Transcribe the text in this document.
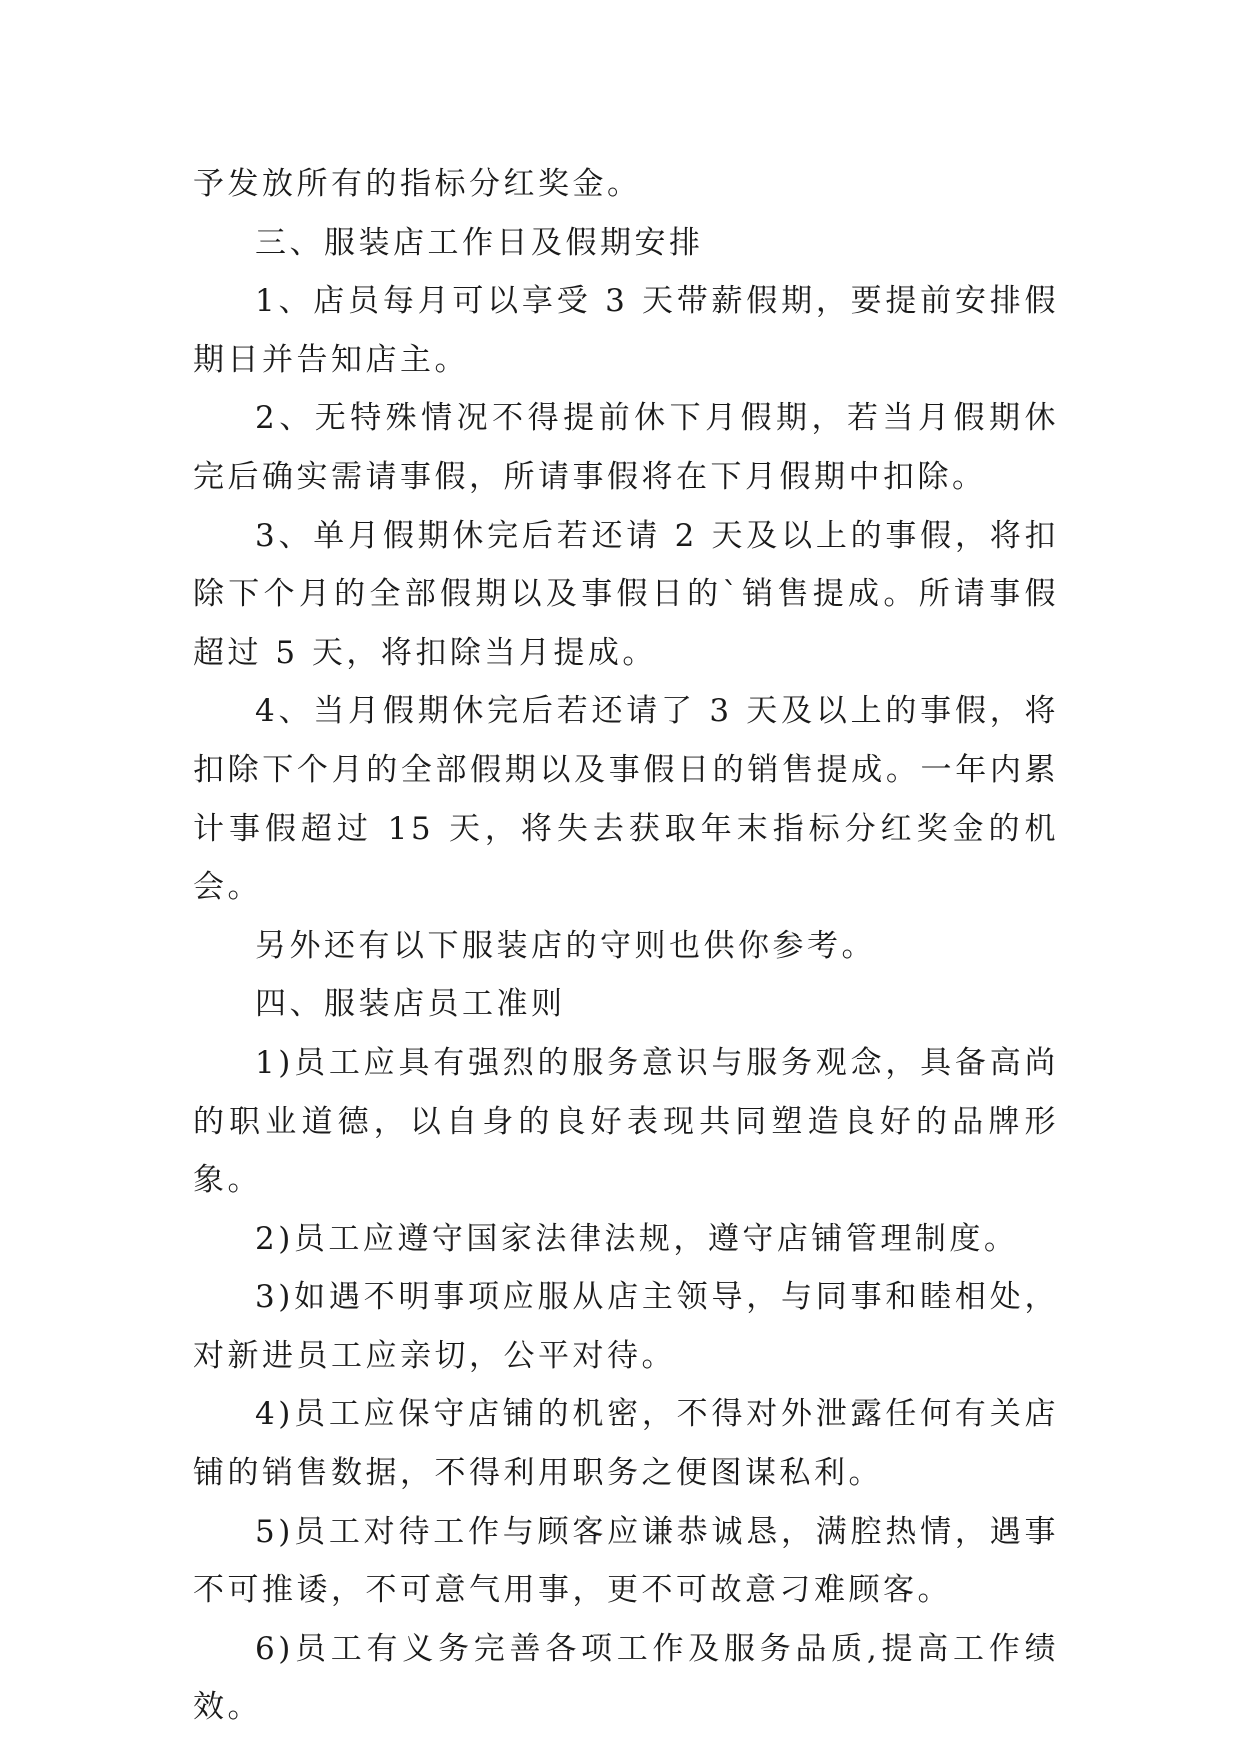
予发放所有的指标分红奖金。

三、服装店工作日及假期安排

1、店员每月可以享受 3 天带薪假期，要提前安排假期日并告知店主。

2、无特殊情况不得提前休下月假期，若当月假期休完后确实需请事假，所请事假将在下月假期中扣除。

3、单月假期休完后若还请 2 天及以上的事假，将扣除下个月的全部假期以及事假日的`销售提成。所请事假超过 5 天，将扣除当月提成。

4、当月假期休完后若还请了 3 天及以上的事假，将扣除下个月的全部假期以及事假日的销售提成。一年内累计事假超过 15 天，将失去获取年末指标分红奖金的机会。

另外还有以下服装店的守则也供你参考。

四、服装店员工准则

1)员工应具有强烈的服务意识与服务观念，具备高尚的职业道德，以自身的良好表现共同塑造良好的品牌形象。

2)员工应遵守国家法律法规，遵守店铺管理制度。

3)如遇不明事项应服从店主领导，与同事和睦相处，对新进员工应亲切，公平对待。

4)员工应保守店铺的机密，不得对外泄露任何有关店铺的销售数据，不得利用职务之便图谋私利。

5)员工对待工作与顾客应谦恭诚恳，满腔热情，遇事不可推诿，不可意气用事，更不可故意刁难顾客。

6)员工有义务完善各项工作及服务品质,提高工作绩效。
